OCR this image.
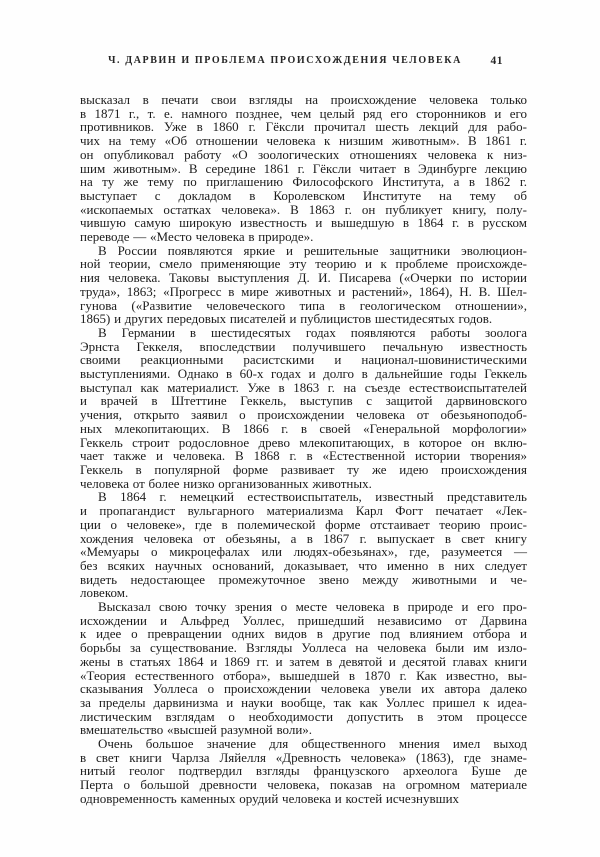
Ч. ДАРВИН И ПРОБЛЕМА ПРОИСХОЖДЕНИЯ ЧЕЛОВЕКА	41
высказал в печати свои взгляды на происхождение человека только
в 1871 г., т. е. намного позднее, чем целый ряд его сторонников и его
противников. Уже в 1860 г. Гёксли прочитал шесть лекций для рабо-
чих на тему «Об отношении человека к низшим животным». В 1861 г.
он опубликовал работу «О зоологических отношениях человека к низ-
шим животным». В середине 1861 г. Гёксли читает в Эдинбурге лекцию
на ту же тему по приглашению Философского Института, а в 1862 г.
выступает с докладом в Королевском Институте на тему об
«ископаемых остатках человека». В 1863 г. он публикует книгу, полу-
чившую самую широкую известность и вышедшую в 1864 г. в русском
переводе — «Место человека в природе».
В России появляются яркие и решительные защитники эволюцион-
ной теории, смело применяющие эту теорию и к проблеме происхожде-
ния человека. Таковы выступления Д. И. Писарева («Очерки по истории
труда», 1863; «Прогресс в мире животных и растений», 1864), Н. В. Шел-
гунова («Развитие человеческого типа в геологическом отношении»,
1865) и других передовых писателей и публицистов шестидесятых годов.
В Германии в шестидесятых годах появляются работы зоолога
Эрнста Геккеля, впоследствии получившего печальную известность
своими реакционными расистскими и национал-шовинистическими
выступлениями. Однако в 60-х годах и долго в дальнейшие годы Геккель
выступал как материалист. Уже в 1863 г. на съезде естествоиспытателей
и врачей в Штеттине Геккель, выступив с защитой дарвиновского
учения, открыто заявил о происхождении человека от обезьяноподоб-
ных млекопитающих. В 1866 г. в своей «Генеральной морфологии»
Геккель строит родословное древо млекопитающих, в которое он вклю-
чает также и человека. В 1868 г. в «Естественной истории творения»
Геккель в популярной форме развивает ту же идею происхождения
человека от более низко организованных животных.
В 1864 г. немецкий естествоиспытатель, известный представитель
и пропагандист вульгарного материализма Карл Фогт печатает «Лек-
ции о человеке», где в полемической форме отстаивает теорию проис-
хождения человека от обезьяны, а в 1867 г. выпускает в свет книгу
«Мемуары о микроцефалах или людях-обезьянах», где, разумеется —
без всяких научных оснований, доказывает, что именно в них следует
видеть недостающее промежуточное звено между животными и че-
ловеком.
Высказал свою точку зрения о месте человека в природе и его про-
исхождении и Альфред Уоллес, пришедший независимо от Дарвина
к идее о превращении одних видов в другие под влиянием отбора и
борьбы за существование. Взгляды Уоллеса на человека были им изло-
жены в статьях 1864 и 1869 гг. и затем в девятой и десятой главах книги
«Теория естественного отбора», вышедшей в 1870 г. Как известно, вы-
сказывания Уоллеса о происхождении человека увели их автора далеко
за пределы дарвинизма и науки вообще, так как Уоллес пришел к идеа-
листическим взглядам о необходимости допустить в этом процессе
вмешательство «высшей разумной воли».
Очень большое значение для общественного мнения имел выход
в свет книги Чарлза Ляйелля «Древность человека» (1863), где знаме-
нитый геолог подтвердил взгляды французского археолога Буше де
Перта о большой древности человека, показав на огромном материале
одновременность каменных орудий человека и костей исчезнувших
